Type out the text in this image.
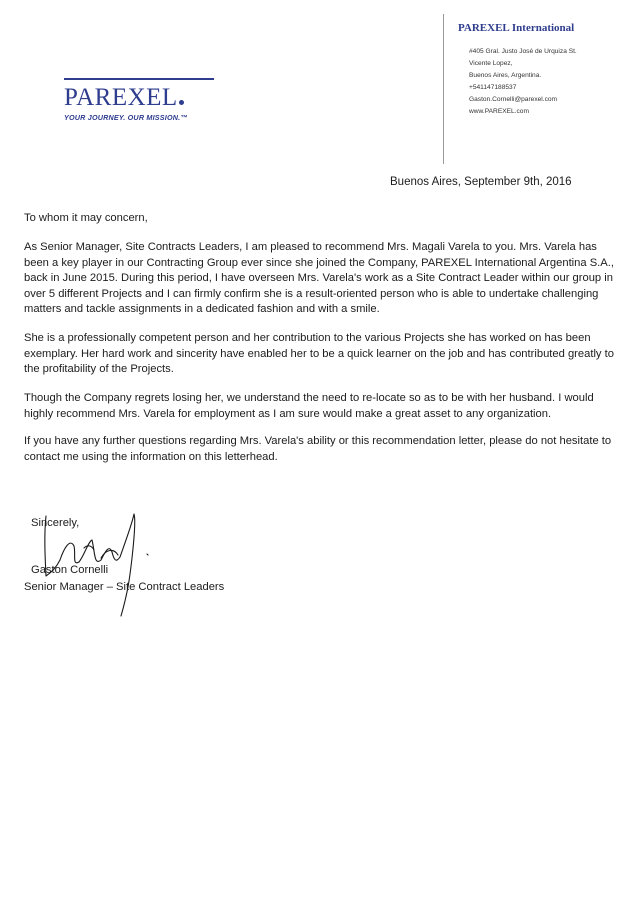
PAREXEL
YOUR JOURNEY. OUR MISSION.™
PAREXEL International
#405 Gral. Justo José de Urquiza St.
Vicente Lopez,
Buenos Aires, Argentina.
+541147188537
Gaston.Cornelli@parexel.com
www.PAREXEL.com
Buenos Aires, September 9th, 2016
To whom it may concern,
As Senior Manager, Site Contracts Leaders, I am pleased to recommend Mrs. Magali Varela to you. Mrs. Varela has been a key player in our Contracting Group ever since she joined the Company, PAREXEL International Argentina S.A., back in June 2015. During this period, I have overseen Mrs. Varela's work as a Site Contract Leader within our group in over 5 different Projects and I can firmly confirm she is a result-oriented person who is able to undertake challenging matters and tackle assignments in a dedicated fashion and with a smile.
She is a professionally competent person and her contribution to the various Projects she has worked on has been exemplary. Her hard work and sincerity have enabled her to be a quick learner on the job and has contributed greatly to the profitability of the Projects.
Though the Company regrets losing her, we understand the need to re-locate so as to be with her husband. I would highly recommend Mrs. Varela for employment as I am sure would make a great asset to any organization.
If you have any further questions regarding Mrs. Varela's ability or this recommendation letter, please do not hesitate to contact me using the information on this letterhead.
Sincerely,
Gaston Cornelli
Senior Manager – Site Contract Leaders
